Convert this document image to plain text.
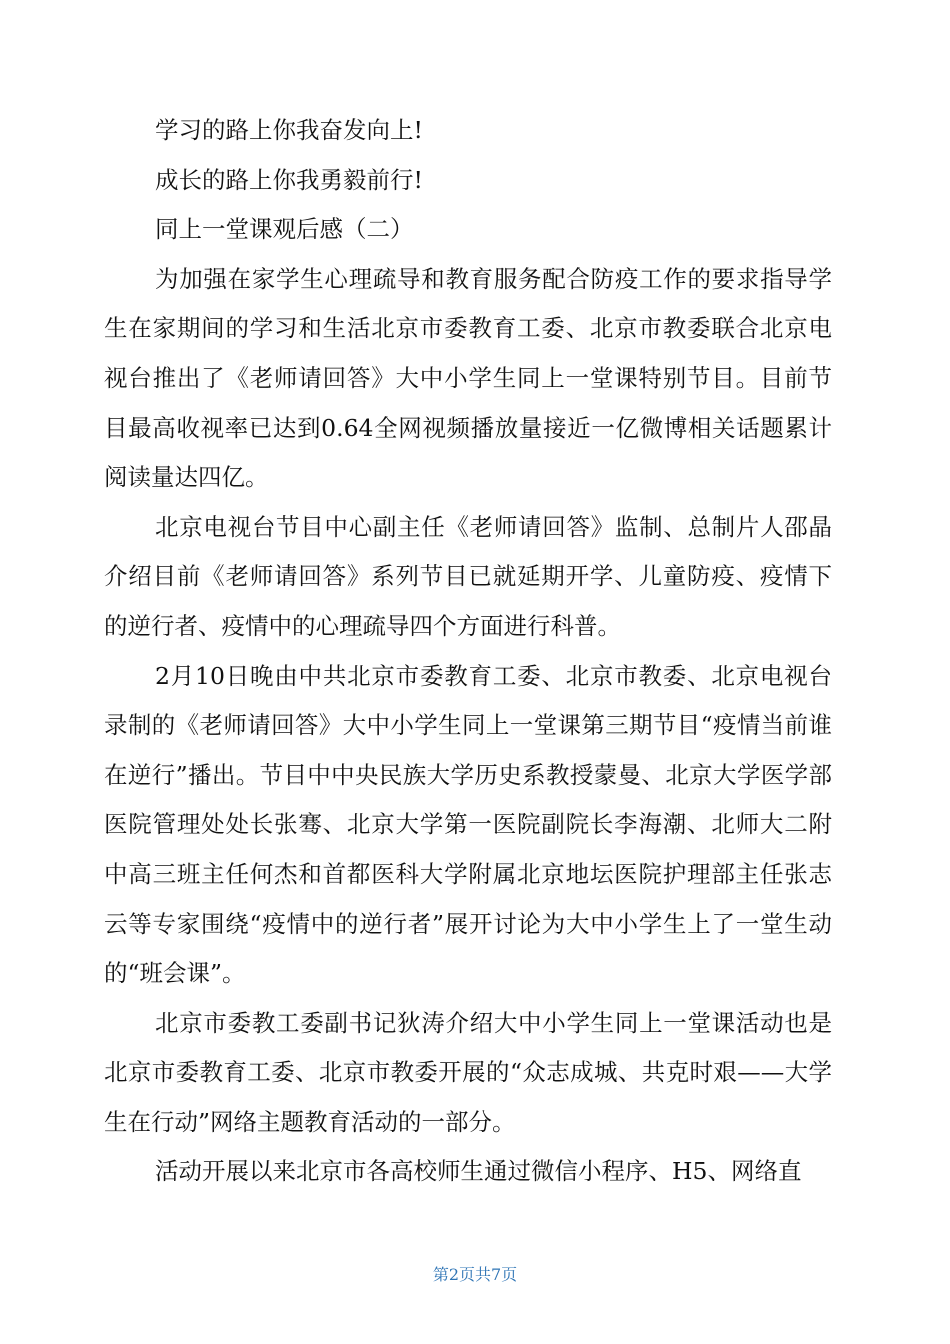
学习的路上你我奋发向上!

成长的路上你我勇毅前行!

同上一堂课观后感（二）

为加强在家学生心理疏导和教育服务配合防疫工作的要求指导学生在家期间的学习和生活北京市委教育工委、北京市教委联合北京电视台推出了《老师请回答》大中小学生同上一堂课特别节目。目前节目最高收视率已达到0.64全网视频播放量接近一亿微博相关话题累计阅读量达四亿。

北京电视台节目中心副主任《老师请回答》监制、总制片人邵晶介绍目前《老师请回答》系列节目已就延期开学、儿童防疫、疫情下的逆行者、疫情中的心理疏导四个方面进行科普。

2月10日晚由中共北京市委教育工委、北京市教委、北京电视台录制的《老师请回答》大中小学生同上一堂课第三期节目“疫情当前谁在逆行”播出。节目中中央民族大学历史系教授蒙曼、北京大学医学部医院管理处处长张骞、北京大学第一医院副院长李海潮、北师大二附中高三班主任何杰和首都医科大学附属北京地坛医院护理部主任张志云等专家围绕“疫情中的逆行者”展开讨论为大中小学生上了一堂生动的“班会课”。

北京市委教工委副书记狄涛介绍大中小学生同上一堂课活动也是北京市委教育工委、北京市教委开展的“众志成城、共克时艰——大学生在行动”网络主题教育活动的一部分。

活动开展以来北京市各高校师生通过微信小程序、H5、网络直

第2页共7页
